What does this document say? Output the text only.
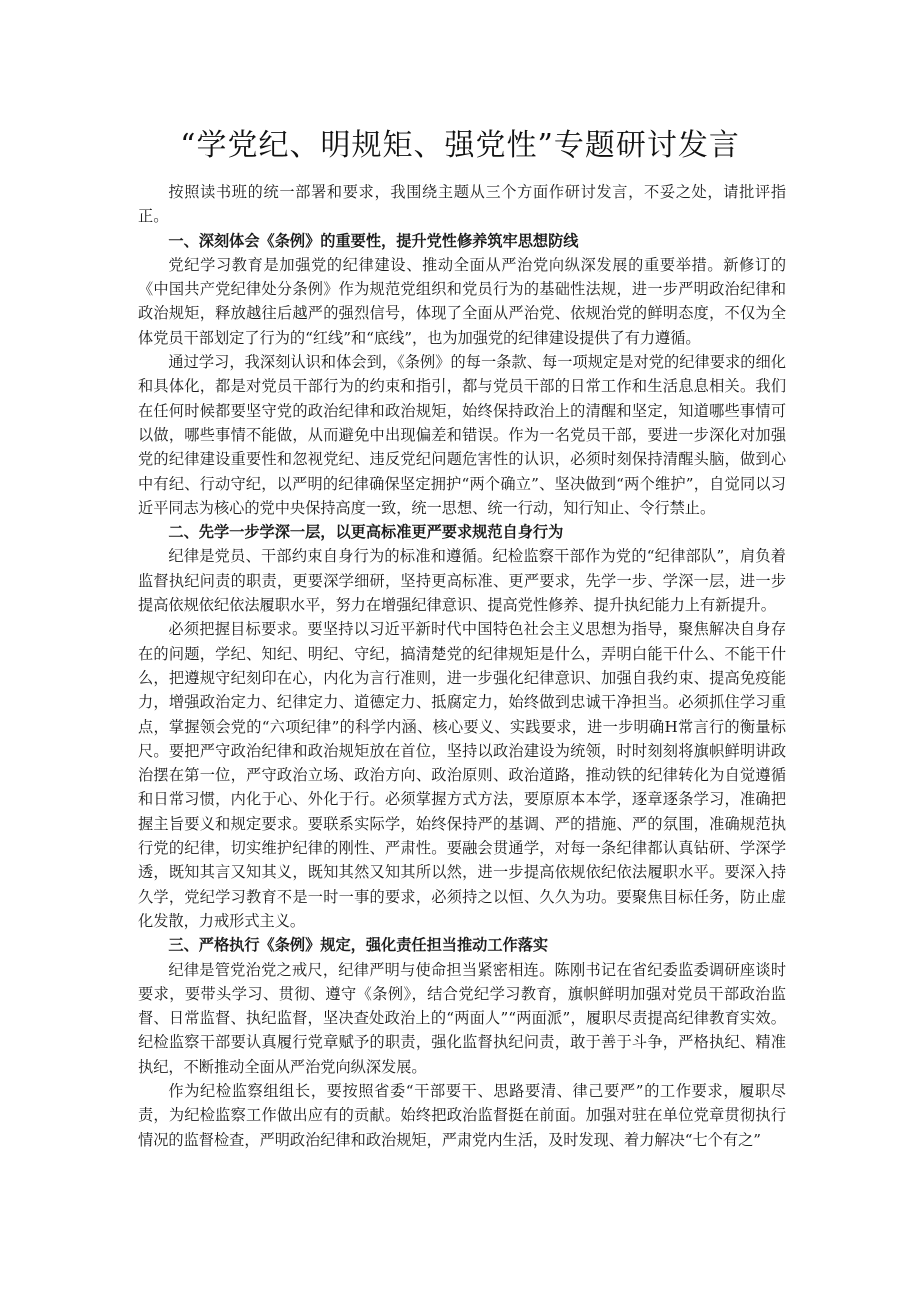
“学党纪、明规矩、强党性”专题研讨发言

按照读书班的统一部署和要求，我围绕主题从三个方面作研讨发言，不妥之处，请批评指正。

一、深刻体会《条例》的重要性，提升党性修养筑牢思想防线

党纪学习教育是加强党的纪律建设、推动全面从严治党向纵深发展的重要举措。新修订的《中国共产党纪律处分条例》作为规范党组织和党员行为的基础性法规，进一步严明政治纪律和政治规矩，释放越往后越严的强烈信号，体现了全面从严治党、依规治党的鲜明态度，不仅为全体党员干部划定了行为的“红线”和“底线”，也为加强党的纪律建设提供了有力遵循。

通过学习，我深刻认识和体会到，《条例》的每一条款、每一项规定是对党的纪律要求的细化和具体化，都是对党员干部行为的约束和指引，都与党员干部的日常工作和生活息息相关。我们在任何时候都要坚守党的政治纪律和政治规矩，始终保持政治上的清醒和坚定，知道哪些事情可以做，哪些事情不能做，从而避免中出现偏差和错误。作为一名党员干部，要进一步深化对加强党的纪律建设重要性和忽视党纪、违反党纪问题危害性的认识，必须时刻保持清醒头脑，做到心中有纪、行动守纪，以严明的纪律确保坚定拥护“两个确立”、坚决做到“两个维护”，自觉同以习近平同志为核心的党中央保持高度一致，统一思想、统一行动，知行知止、令行禁止。

二、先学一步学深一层，以更高标准更严要求规范自身行为

纪律是党员、干部约束自身行为的标准和遵循。纪检监察干部作为党的“纪律部队”，肩负着监督执纪问责的职责，更要深学细研，坚持更高标准、更严要求，先学一步、学深一层，进一步提高依规依纪依法履职水平，努力在增强纪律意识、提高党性修养、提升执纪能力上有新提升。

必须把握目标要求。要坚持以习近平新时代中国特色社会主义思想为指导，聚焦解决自身存在的问题，学纪、知纪、明纪、守纪，搞清楚党的纪律规矩是什么，弄明白能干什么、不能干什么，把遵规守纪刻印在心，内化为言行准则，进一步强化纪律意识、加强自我约束、提高免疫能力，增强政治定力、纪律定力、道德定力、抵腐定力，始终做到忠诚干净担当。必须抓住学习重点，掌握领会党的“六项纪律”的科学内涵、核心要义、实践要求，进一步明确H常言行的衡量标尺。要把严守政治纪律和政治规矩放在首位，坚持以政治建设为统领，时时刻刻将旗帜鲜明讲政治摆在第一位，严守政治立场、政治方向、政治原则、政治道路，推动铁的纪律转化为自觉遵循和日常习惯，内化于心、外化于行。必须掌握方式方法，要原原本本学，逐章逐条学习，准确把握主旨要义和规定要求。要联系实际学，始终保持严的基调、严的措施、严的氛围，准确规范执行党的纪律，切实维护纪律的刚性、严肃性。要融会贯通学，对每一条纪律都认真钻研、学深学透，既知其言又知其义，既知其然又知其所以然，进一步提高依规依纪依法履职水平。要深入持久学，党纪学习教育不是一时一事的要求，必须持之以恒、久久为功。要聚焦目标任务，防止虚化发散，力戒形式主义。

三、严格执行《条例》规定，强化责任担当推动工作落实

纪律是管党治党之戒尺，纪律严明与使命担当紧密相连。陈刚书记在省纪委监委调研座谈时要求，要带头学习、贯彻、遵守《条例》，结合党纪学习教育，旗帜鲜明加强对党员干部政治监督、日常监督、执纪监督，坚决查处政治上的“两面人”“两面派”，履职尽责提高纪律教育实效。纪检监察干部要认真履行党章赋予的职责，强化监督执纪问责，敢于善于斗争，严格执纪、精准执纪，不断推动全面从严治党向纵深发展。

作为纪检监察组组长，要按照省委“干部要干、思路要清、律己要严”的工作要求，履职尽责，为纪检监察工作做出应有的贡献。始终把政治监督挺在前面。加强对驻在单位党章贯彻执行情况的监督检查，严明政治纪律和政治规矩，严肃党内生活，及时发现、着力解决“七个有之”
